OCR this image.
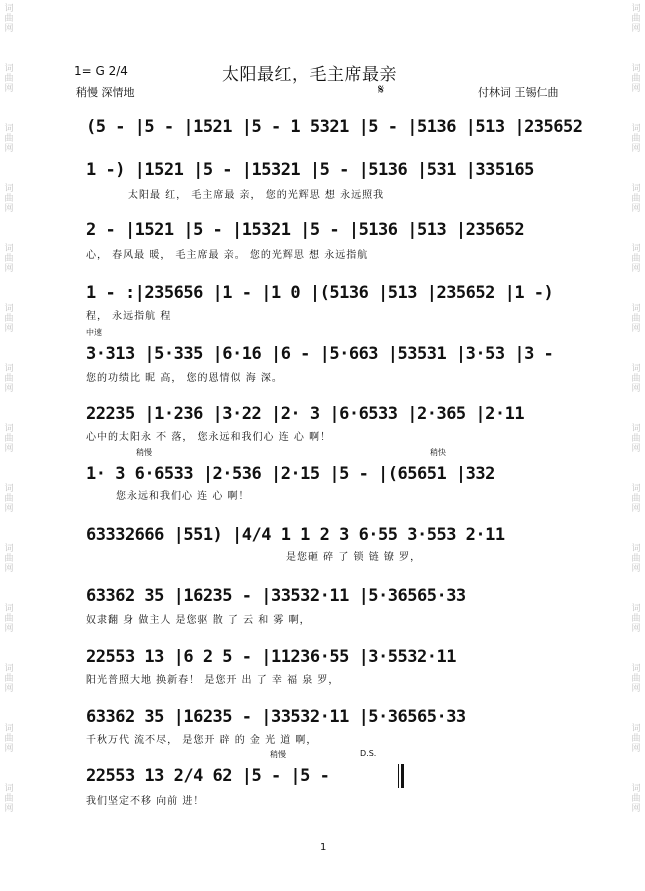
词
曲
网
词
曲
网
词
曲
网
词
曲
网
词
曲
网
词
曲
网
词
曲
网
词
曲
网
词
曲
网
词
曲
网
词
曲
网
词
曲
网
词
曲
网
词
曲
网
词
曲
网
词
曲
网
词
曲
网
词
曲
网
词
曲
网
词
曲
网
词
曲
网
词
曲
网
词
曲
网
词
曲
网
词
曲
网
词
曲
网
词
曲
网
词
曲
网
1= G 2/4	太阳最红，毛主席最亲
稍慢 深情地	付林词 王锡仁曲
𝄋
(5 - |5 - |1521 |5 - 1 5321 |5 - |5136 |513 |235652
1 -) |1521 |5 - |15321 |5 - |5136 |531 |335165
太阳最 红， 毛主席最 亲， 您的光辉思 想 永远照我
2 - |1521 |5 - |15321 |5 - |5136 |513 |235652
心， 春风最 暖， 毛主席最 亲。 您的光辉思 想 永远指航
1 - :|235656 |1 - |1 0 |(5136 |513 |235652 |1 -)
程， 永远指航 程
中速
3·313 |5·335 |6·16 |6 - |5·663 |53531 |3·53 |3 -
您的功绩比 昵 高， 您的恩情似 海 深。
22235 |1·236 |3·22 |2· 3 |6·6533 |2·365 |2·11
心中的太阳永 不 落， 您永远和我们心 连 心 啊！
稍慢	稍快
1· 3 6·6533 |2·536 |2·15 |5 - |(65651 |332
您永远和我们心 连 心 啊！
63332666 |551) |4/4 1 1 2 3 6·55 3·553 2·11
是您砸 碎 了 锁 链 镣 罗，
63362 35 |16235 - |33532·11 |5·36565·33
奴隶翻 身 做主人 是您驱 散 了 云 和 雾 啊，
22553 13 |6 2 5 - |11236·55 |3·5532·11
阳光普照大地 换新春！ 是您开 出 了 幸 福 泉 罗，
63362 35 |16235 - |33532·11 |5·36565·33
千秋万代 流不尽， 是您开 辟 的 金 光 道 啊，
稍慢	D.S.
22553 13 2/4 62 |5 - |5 -
我们坚定不移 向前 进！
1
